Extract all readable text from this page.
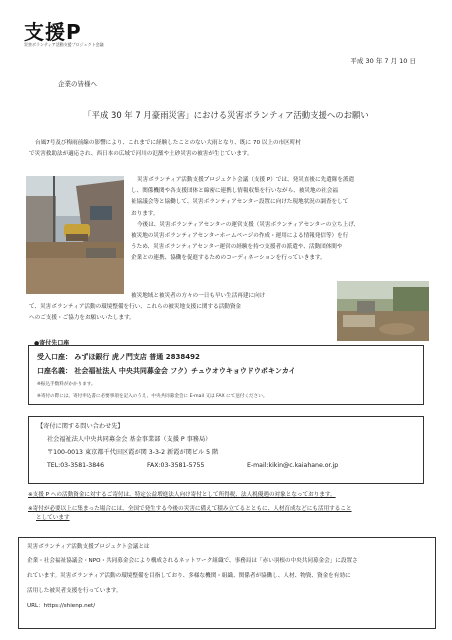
支援P
災害ボランティア活動支援プロジェクト会議
平成 30 年 7 月 10 日
企業の皆様へ
「平成 30 年 7 月豪雨災害」における災害ボランティア活動支援へのお願い
台風7号及び梅雨前線の影響により、これまでに経験したことのない大雨となり、既に 70 以上の市区町村
で災害救助法が適応され、西日本の広域で河川の氾濫や土砂災害の被害が生じています。
災害ボランティア活動支援プロジェクト会議（支援 P）では、発災直後に先遣隊を派遣
し、関係機関や各支援団体と綿密に連携し情報収集を行いながら、被災地の社会福
祉協議会等と協働して、災害ボランティアセンター設置に向けた現地状況の調査をして
おります。
今後は、災害ボランティアセンターの運営支援（災害ボランティアセンターの立ち上げ、
被災地の災害ボランティアセンターホームページの作成・運用による情報発信等）を行
うため、災害ボランティアセンター運営の経験を持つ支援者の派遣や、活動団体間や
企業との連携、協働を促進するためのコーディネーションを行っていきます。
被災地域と被災者の方々の一日も早い生活再建に向け
て、災害ボランティア活動の環境整備を行い、これらの被災地支援に関する活動資金
へのご支援・ご協力をお願いいたします。
●寄付先口座
受入口座： みずほ銀行 虎ノ門支店 普通 2838492
口座名義： 社会福祉法人 中央共同募金会 フク）チュウオウキョウドウボキンカイ
※振込手数料がかかります。
※寄付の際には、寄付申込書に必要事項を記入のうえ、中央共同募金会に E-mail 又は FAX にて送付ください。
【寄付に関する問い合わせ先】
社会福祉法人中央共同募金会 基金事業部（支援 P 事務局）
〒100-0013 東京都千代田区霞が関 3-3-2 新霞が関ビル 5 階
TEL:03-3581-3846	FAX:03-3581-5755	E-mail:kikin@c.kaiahane.or.jp
※支援 P への活動資金に対するご寄付は、特定公益増進法人向け寄付として所得税、法人税優遇の対象となっております。
※寄付が必要以上に集まった場合には、全国で発生する今後の災害に備えて積み立てるとともに、人材育成などにも活用すること
としています
災害ボランティア活動支援プロジェクト会議とは
企業・社会福祉協議会・NPO・共同募金会により構成されるネットワーク組織で、事務局は「赤い羽根の中央共同募金会」に設置さ
れています。災害ボランティア活動の環境整備を目指しており、多様な機関・組織、関係者が協働し、人材、物資、資金を有効に
活用した被災者支援を行っています。
URL：https://shienp.net/
